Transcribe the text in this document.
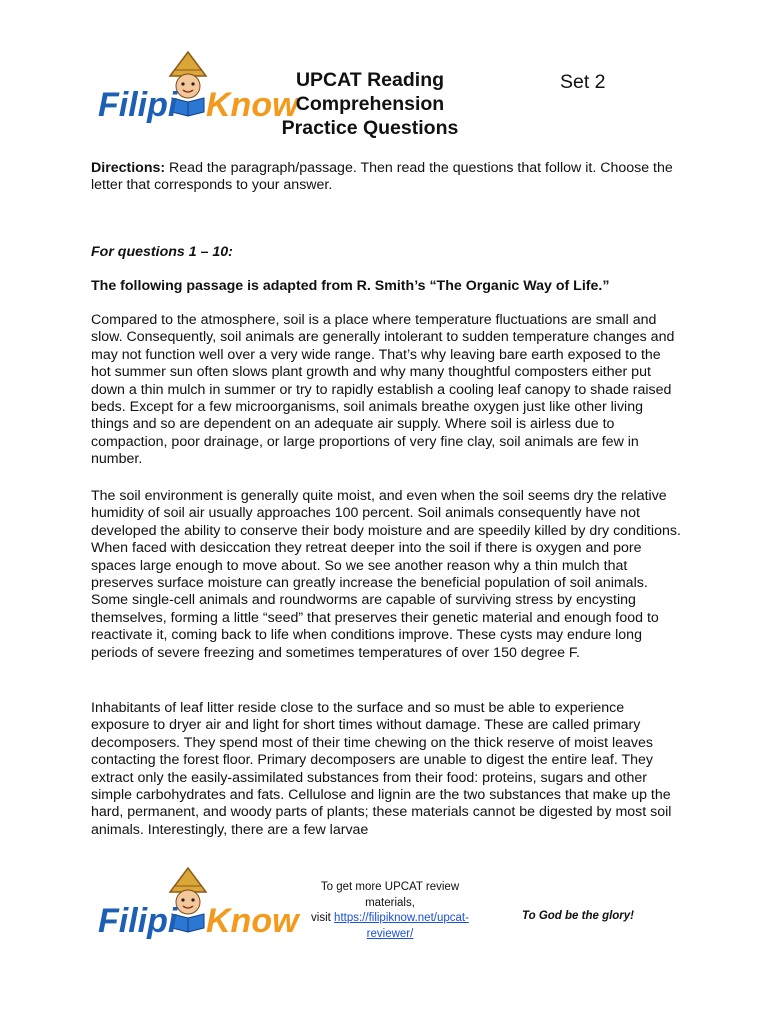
Filipi Know
UPCAT Reading
Comprehension
Practice Questions
Set 2
Directions: Read the paragraph/passage. Then read the questions that follow it. Choose the letter that corresponds to your answer.
For questions 1 – 10:
The following passage is adapted from R. Smith’s “The Organic Way of Life.”
Compared to the atmosphere, soil is a place where temperature fluctuations are small and slow. Consequently, soil animals are generally intolerant to sudden temperature changes and may not function well over a very wide range. That’s why leaving bare earth exposed to the hot summer sun often slows plant growth and why many thoughtful composters either put down a thin mulch in summer or try to rapidly establish a cooling leaf canopy to shade raised beds. Except for a few microorganisms, soil animals breathe oxygen just like other living things and so are dependent on an adequate air supply. Where soil is airless due to compaction, poor drainage, or large proportions of very fine clay, soil animals are few in number.
The soil environment is generally quite moist, and even when the soil seems dry the relative humidity of soil air usually approaches 100 percent. Soil animals consequently have not developed the ability to conserve their body moisture and are speedily killed by dry conditions. When faced with desiccation they retreat deeper into the soil if there is oxygen and pore spaces large enough to move about. So we see another reason why a thin mulch that preserves surface moisture can greatly increase the beneficial population of soil animals. Some single-cell animals and roundworms are capable of surviving stress by encysting themselves, forming a little “seed” that preserves their genetic material and enough food to reactivate it, coming back to life when conditions improve. These cysts may endure long periods of severe freezing and sometimes temperatures of over 150 degree F.
Inhabitants of leaf litter reside close to the surface and so must be able to experience exposure to dryer air and light for short times without damage. These are called primary decomposers. They spend most of their time chewing on the thick reserve of moist leaves contacting the forest floor. Primary decomposers are unable to digest the entire leaf. They extract only the easily-assimilated substances from their food: proteins, sugars and other simple carbohydrates and fats. Cellulose and lignin are the two substances that make up the hard, permanent, and woody parts of plants; these materials cannot be digested by most soil animals. Interestingly, there are a few larvae
Filipi Know
To get more UPCAT review materials,
visit https://filipiknow.net/upcat-reviewer/
To God be the glory!
